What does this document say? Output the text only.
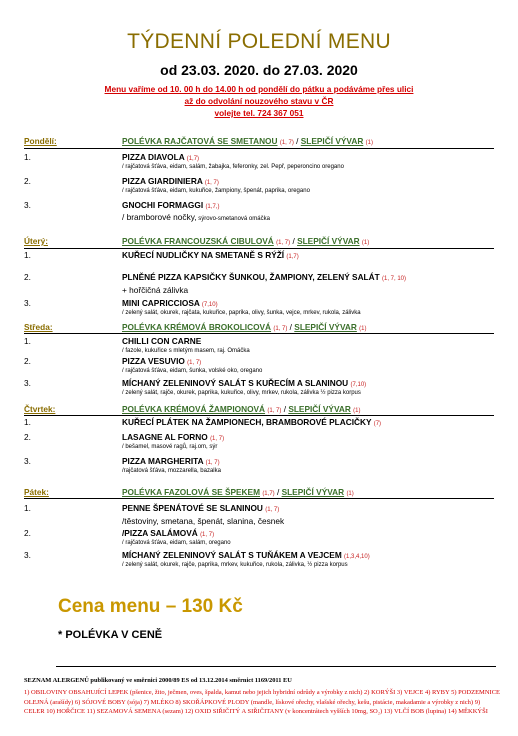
TÝDENNÍ POLEDNÍ MENU
od 23.03. 2020. do 27.03. 2020
Menu vaříme od 10. 00 h do 14.00 h od pondělí do pátku a podáváme přes ulici
až do odvolání nouzového stavu v ČR
volejte tel. 724 367 051
Pondělí:	POLÉVKA RAJČATOVÁ SE SMETANOU (1, 7) / SLEPIČÍ VÝVAR (1)
1.	PIZZA DIAVOLA (1,7)
/ rajčatová šťáva, eidam, salám, žabajka, feferonky, zel. Pepř, peperoncino oregano
2.	PIZZA GIARDINIERA (1, 7)
/ rajčatová šťáva, eidam, kukuřice, žampiony, špenát, paprika, oregano
3.	GNOCHI FORMAGGI (1,7,)
/ bramborové nočky, sýrovo-smetanová omáčka
Úterý:	POLÉVKA FRANCOUZSKÁ CIBULOVÁ (1, 7) / SLEPIČÍ VÝVAR (1)
1.	KUŘECÍ NUDLIČKY NA SMETANĚ S RÝŽÍ (1,7)
2.	PLNĚNÉ PIZZA KAPSIČKY ŠUNKOU, ŽAMPIONY, ZELENÝ SALÁT (1, 7, 10)
+ hořčičná zálivka
3.	MINI CAPRICCIOSA (7,10)
/ zelený salát, okurek, rajčata, kukuřice, paprika, olivy, šunka, vejce, mrkev, rukola, zálivka
Středa:	POLÉVKA KRÉMOVÁ BROKOLICOVÁ (1, 7) / SLEPIČÍ VÝVAR (1)
1.	CHILLI CON CARNE
/ fazole, kukuřice s mletým masem, raj. Omáčka
2.	PIZZA VESUVIO (1, 7)
/ rajčatová šťáva, eidam, šunka, volské oko, oregano
3.	MÍCHANÝ ZELENINOVÝ SALÁT S KUŘECÍM A SLANINOU (7,10)
/ zelený salát, rajče, okurek, paprika, kukuřice, olivy, mrkev, rukola, zálivka ½ pizza korpus
Čtvrtek:	POLÉVKA KRÉMOVÁ ŽAMPIONOVÁ (1, 7) / SLEPIČÍ VÝVAR (1)
1.	KUŘECÍ PLÁTEK NA ŽAMPIONECH, BRAMBOROVÉ PLACIČKY (7)
2.	LASAGNE AL FORNO (1, 7)
/ bešamel, masové ragů, raj.om, sýr
3.	PIZZA MARGHERITA (1, 7)
/rajčatová šťáva, mozzarella, bazalka
Pátek:	POLÉVKA FAZOLOVÁ SE ŠPEKEM (1,7) / SLEPIČÍ VÝVAR (1)
1.	PENNE ŠPENÁTOVÉ SE SLANINOU (1, 7)
/těstoviny, smetana, špenát, slanina, česnek
2.	/PIZZA SALÁMOVÁ (1, 7)
/ rajčatová šťáva, eidam, salám, oregano
3.	MÍCHANÝ ZELENINOVÝ SALÁT S TUŇÁKEM A VEJCEM (1,3,4,10)
/ zelený salát, okurek, rajče, paprika, mrkev, kukuřice, rukola, zálivka, ½ pizza korpus
Cena menu – 130 Kč
* POLÉVKA V CENĚ
SEZNAM ALERGENŮ publikovaný ve směrnici 2000/89 ES od 13.12.2014 směrnict 1169/2011 EU
1) OBILOVINY OBSAHUJÍCÍ LEPEK (pšenice, žito, ječmen, oves, špalda, kamut nebo jejich hybridní odrůdy a výrobky z nich) 2) KORÝŠI 3) VEJCE 4) RYBY 5) PODZEMNICE OLEJNÁ (arašídy) 6) SÓJOVÉ BOBY (sója) 7) MLÉKO 8) SKOŘÁPKOVÉ PLODY (mandle, lískové ořechy, vlašské ořechy, kešu, pistácie, makadamie a výrobky z nich) 9) CELER 10) HOŘČICE 11) SEZAMOVÁ SEMENA (sezam) 12) OXID SIŘIČITÝ A SIŘIČITANY (v koncentrátech vyšších 10mg, SO₂) 13) VLČÍ BOB (lupina) 14) MĚKKÝŠI
